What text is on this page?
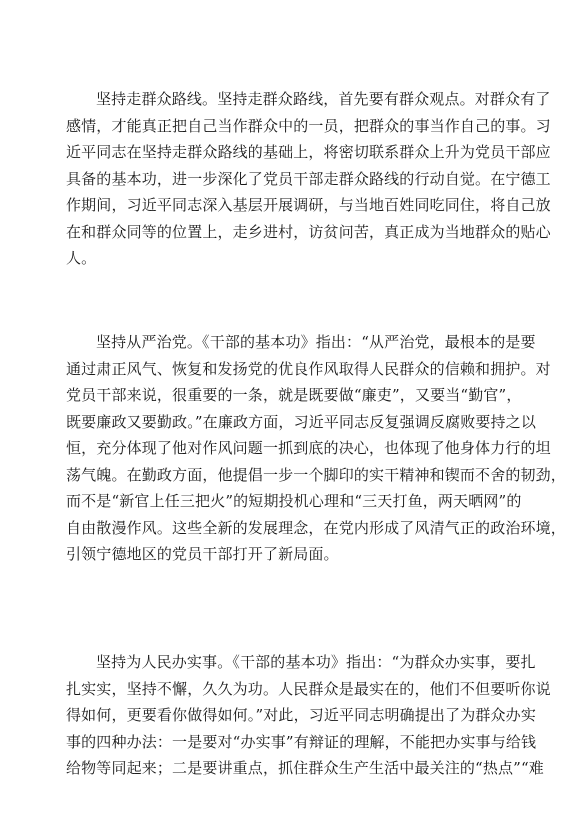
坚持走群众路线。坚持走群众路线，首先要有群众观点。对群众有了
感情，才能真正把自己当作群众中的一员，把群众的事当作自己的事。习
近平同志在坚持走群众路线的基础上，将密切联系群众上升为党员干部应
具备的基本功，进一步深化了党员干部走群众路线的行动自觉。在宁德工
作期间，习近平同志深入基层开展调研，与当地百姓同吃同住，将自己放
在和群众同等的位置上，走乡进村，访贫问苦，真正成为当地群众的贴心
人。
坚持从严治党。《干部的基本功》指出：“从严治党，最根本的是要
通过肃正风气、恢复和发扬党的优良作风取得人民群众的信赖和拥护。对
党员干部来说，很重要的一条，就是既要做“廉吏”，又要当“勤官”，
既要廉政又要勤政。”在廉政方面，习近平同志反复强调反腐败要持之以
恒，充分体现了他对作风问题一抓到底的决心，也体现了他身体力行的坦
荡气魄。在勤政方面，他提倡一步一个脚印的实干精神和锲而不舍的韧劲，
而不是“新官上任三把火”的短期投机心理和“三天打鱼，两天晒网”的
自由散漫作风。这些全新的发展理念，在党内形成了风清气正的政治环境，
引领宁德地区的党员干部打开了新局面。
坚持为人民办实事。《干部的基本功》指出：“为群众办实事，要扎
扎实实，坚持不懈，久久为功。人民群众是最实在的，他们不但要听你说
得如何，更要看你做得如何。”对此，习近平同志明确提出了为群众办实
事的四种办法：一是要对“办实事”有辩证的理解，不能把办实事与给钱
给物等同起来；二是要讲重点，抓住群众生产生活中最关注的“热点”“难
